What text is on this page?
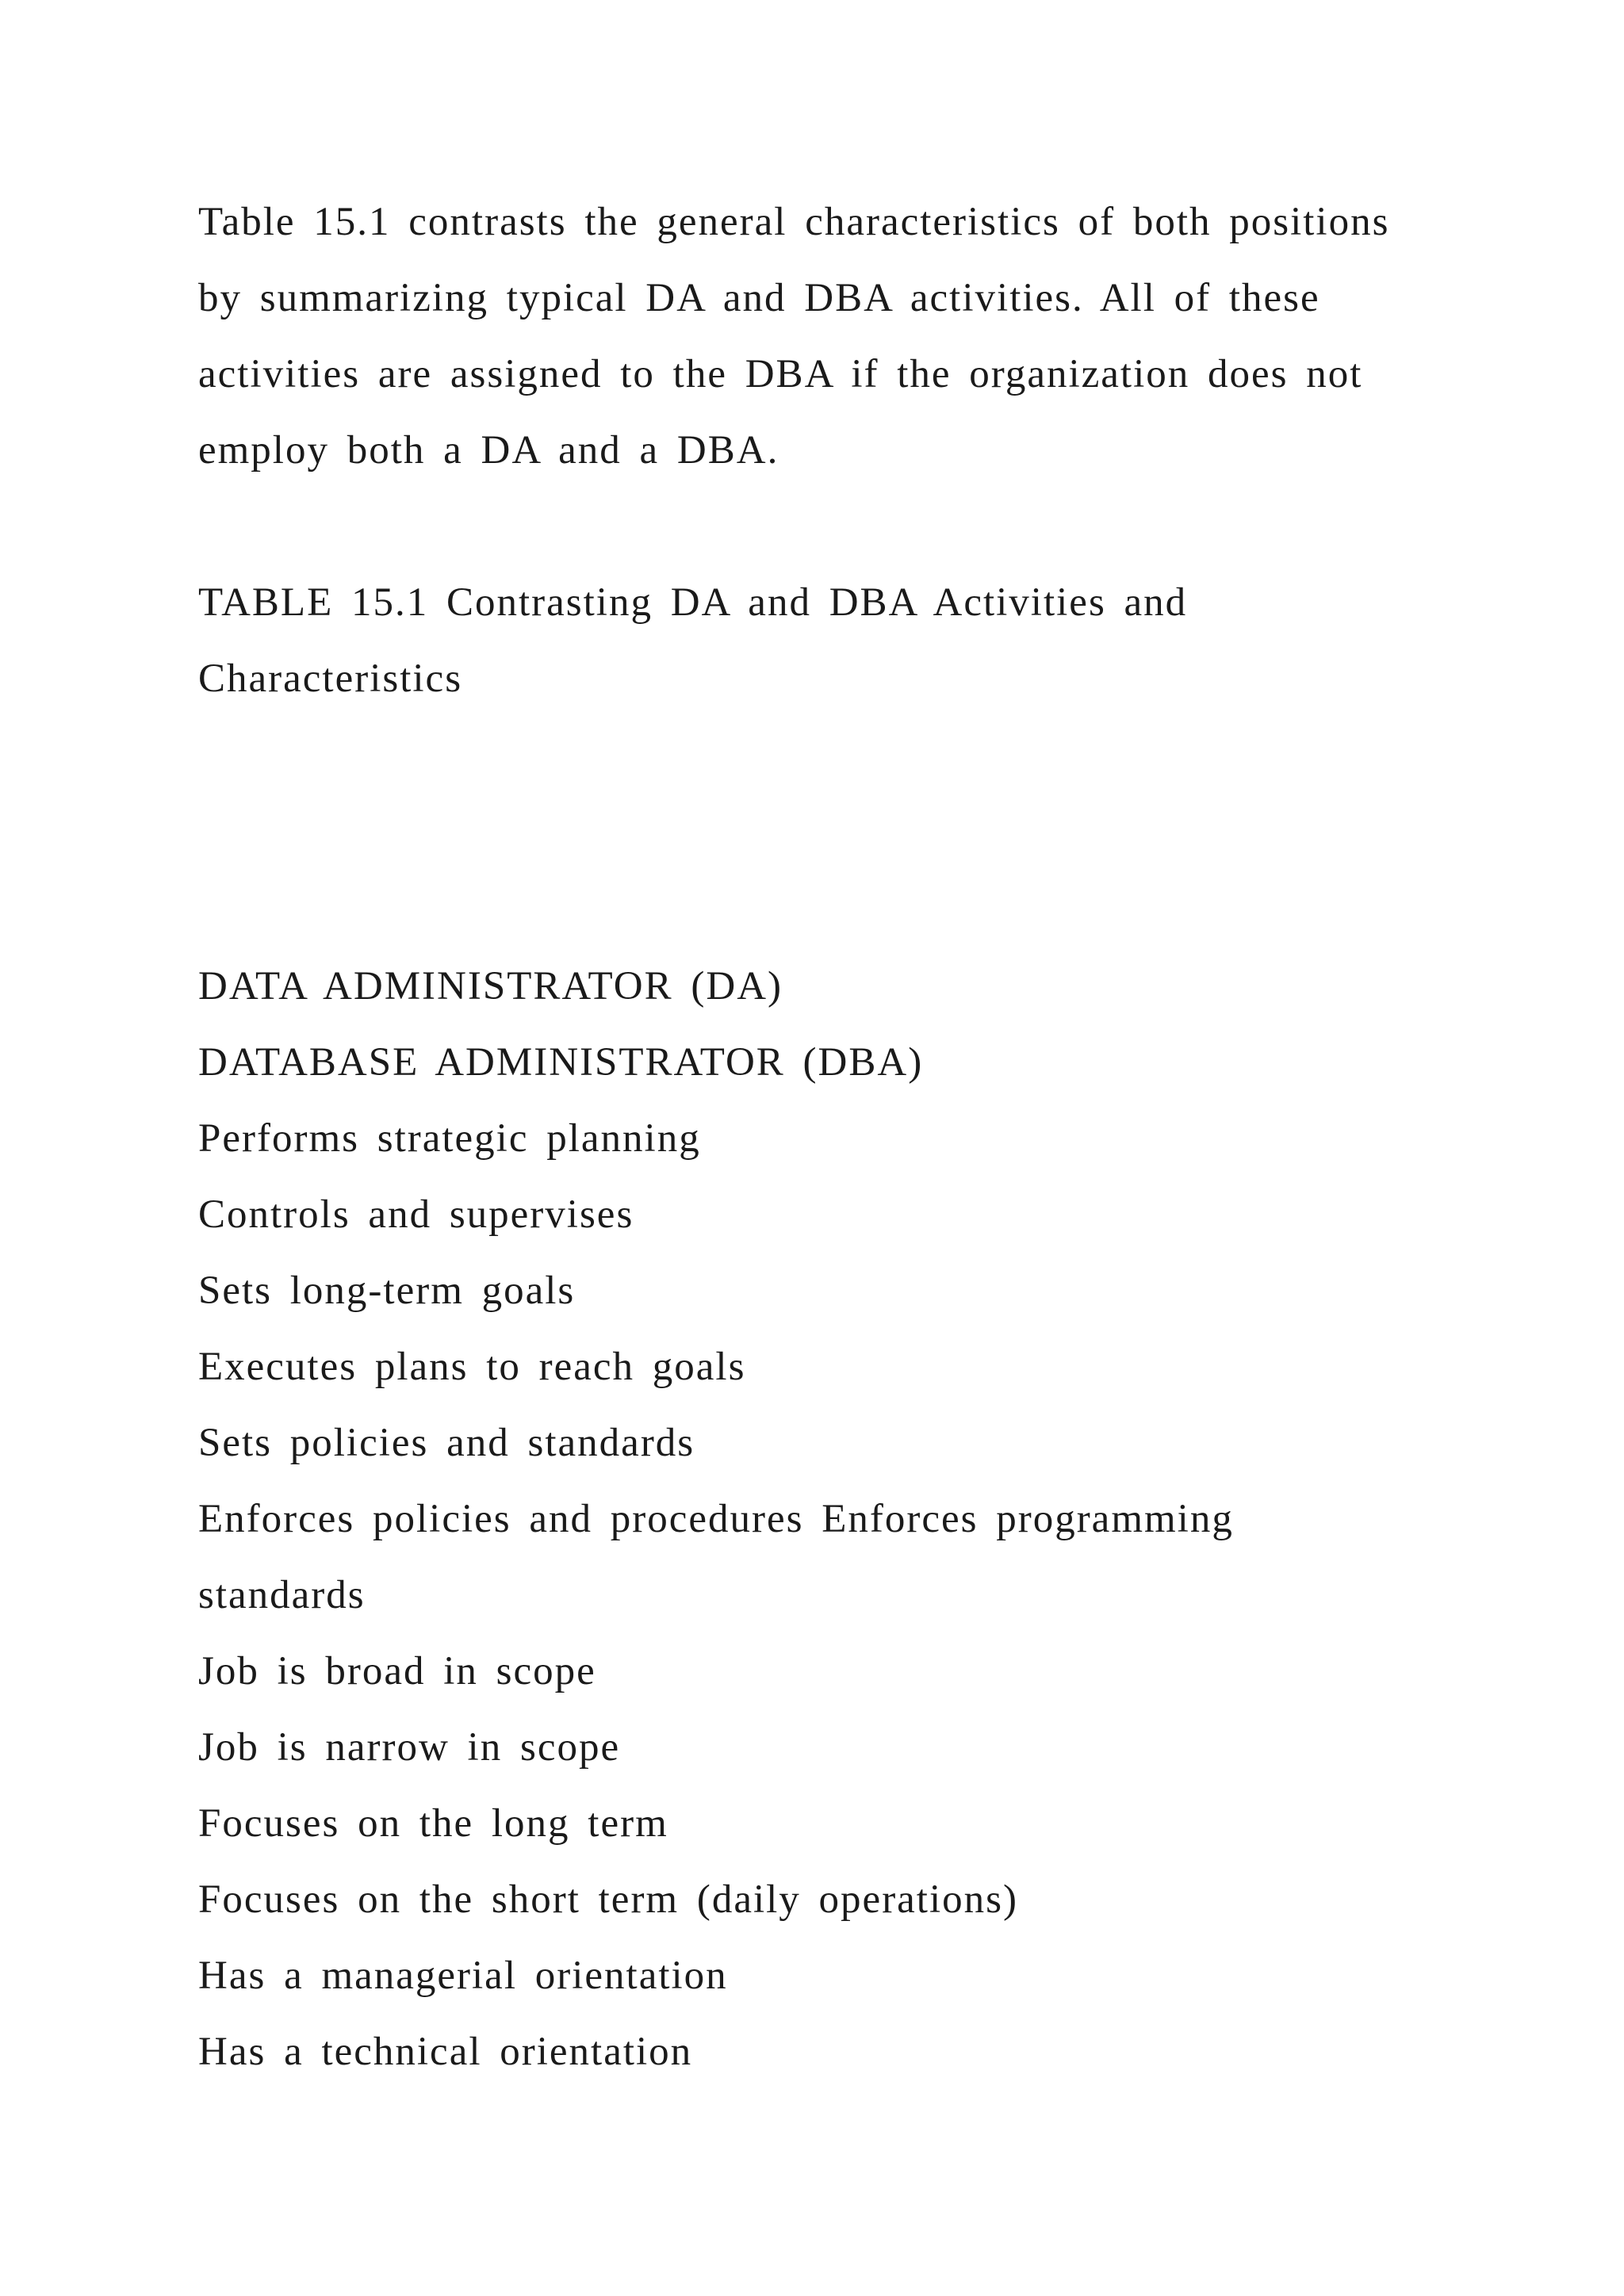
Table 15.1 contrasts the general characteristics of both positions
by summarizing typical DA and DBA activities. All of these
activities are assigned to the DBA if the organization does not
employ both a DA and a DBA.
TABLE 15.1 Contrasting DA and DBA Activities and
Characteristics
DATA ADMINISTRATOR (DA)
DATABASE ADMINISTRATOR (DBA)
Performs strategic planning
Controls and supervises
Sets long-term goals
Executes plans to reach goals
Sets policies and standards
Enforces policies and procedures Enforces programming
standards
Job is broad in scope
Job is narrow in scope
Focuses on the long term
Focuses on the short term (daily operations)
Has a managerial orientation
Has a technical orientation
